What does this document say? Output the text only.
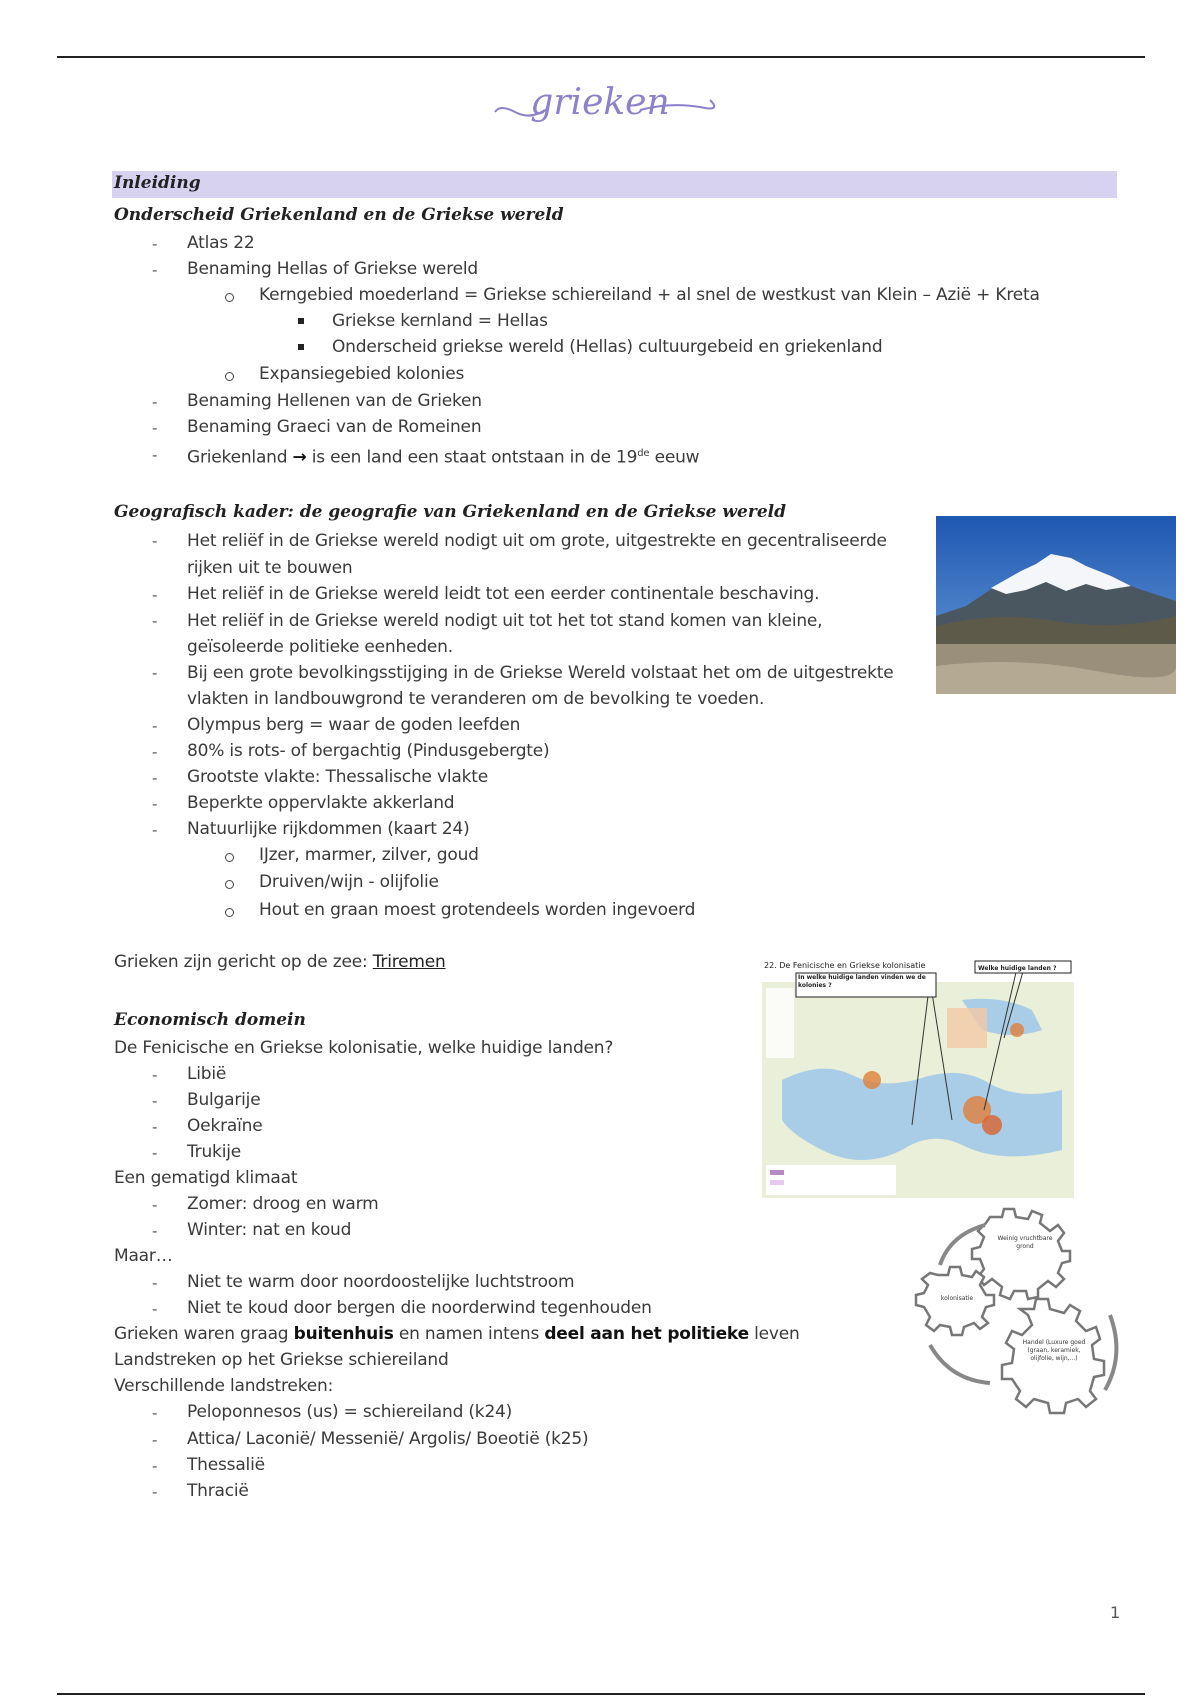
grieken
Inleiding
Onderscheid Griekenland en de Griekse wereld
- Atlas 22
- Benaming Hellas of Griekse wereld
Kerngebied moederland = Griekse schiereiland + al snel de westkust van Klein – Azië + Kreta
Griekse kernland = Hellas
Onderscheid griekse wereld (Hellas) cultuurgebeid en griekenland
Expansiegebied kolonies
- Benaming Hellenen van de Grieken
- Benaming Graeci van de Romeinen
- Griekenland → is een land een staat ontstaan in de 19de eeuw
Geografisch kader: de geografie van Griekenland en de Griekse wereld
- Het reliëf in de Griekse wereld nodigt uit om grote, uitgestrekte en gecentraliseerde rijken uit te bouwen
- Het reliëf in de Griekse wereld leidt tot een eerder continentale beschaving.
- Het reliëf in de Griekse wereld nodigt uit tot het tot stand komen van kleine, geïsoleerde politieke eenheden.
- Bij een grote bevolkingsstijging in de Griekse Wereld volstaat het om de uitgestrekte vlakten in landbouwgrond te veranderen om de bevolking te voeden.
- Olympus berg = waar de goden leefden
- 80% is rots- of bergachtig (Pindusgebergte)
- Grootste vlakte: Thessalische vlakte
- Beperkte oppervlakte akkerland
- Natuurlijke rijkdommen (kaart 24)
IJzer, marmer, zilver, goud
Druiven/wijn - olijfolie
Hout en graan moest grotendeels worden ingevoerd
Grieken zijn gericht op de zee: Triremen	22. De Fenicische en Griekse kolonisatie
In welke huidige landen vinden we de kolonies ?
Welke huidige landen ?
Weinig vruchtbare grond
kolonisatie
Handel (Luxure goed (graan, keramiek, olijfolie, wijn,...)
Economisch domein
De Fenicische en Griekse kolonisatie, welke huidige landen?
- Libië
- Bulgarije
- Oekraïne
- Trukije
Een gematigd klimaat
- Zomer: droog en warm
- Winter: nat en koud
Maar…
- Niet te warm door noordoostelijke luchtstroom
- Niet te koud door bergen die noorderwind tegenhouden
Grieken waren graag buitenhuis en namen intens deel aan het politieke leven
Landstreken op het Griekse schiereiland
Verschillende landstreken:
- Peloponnesos (us) = schiereiland (k24)
- Attica/ Laconië/ Messenië/ Argolis/ Boeotië (k25)
- Thessalië
- Thracië
1
